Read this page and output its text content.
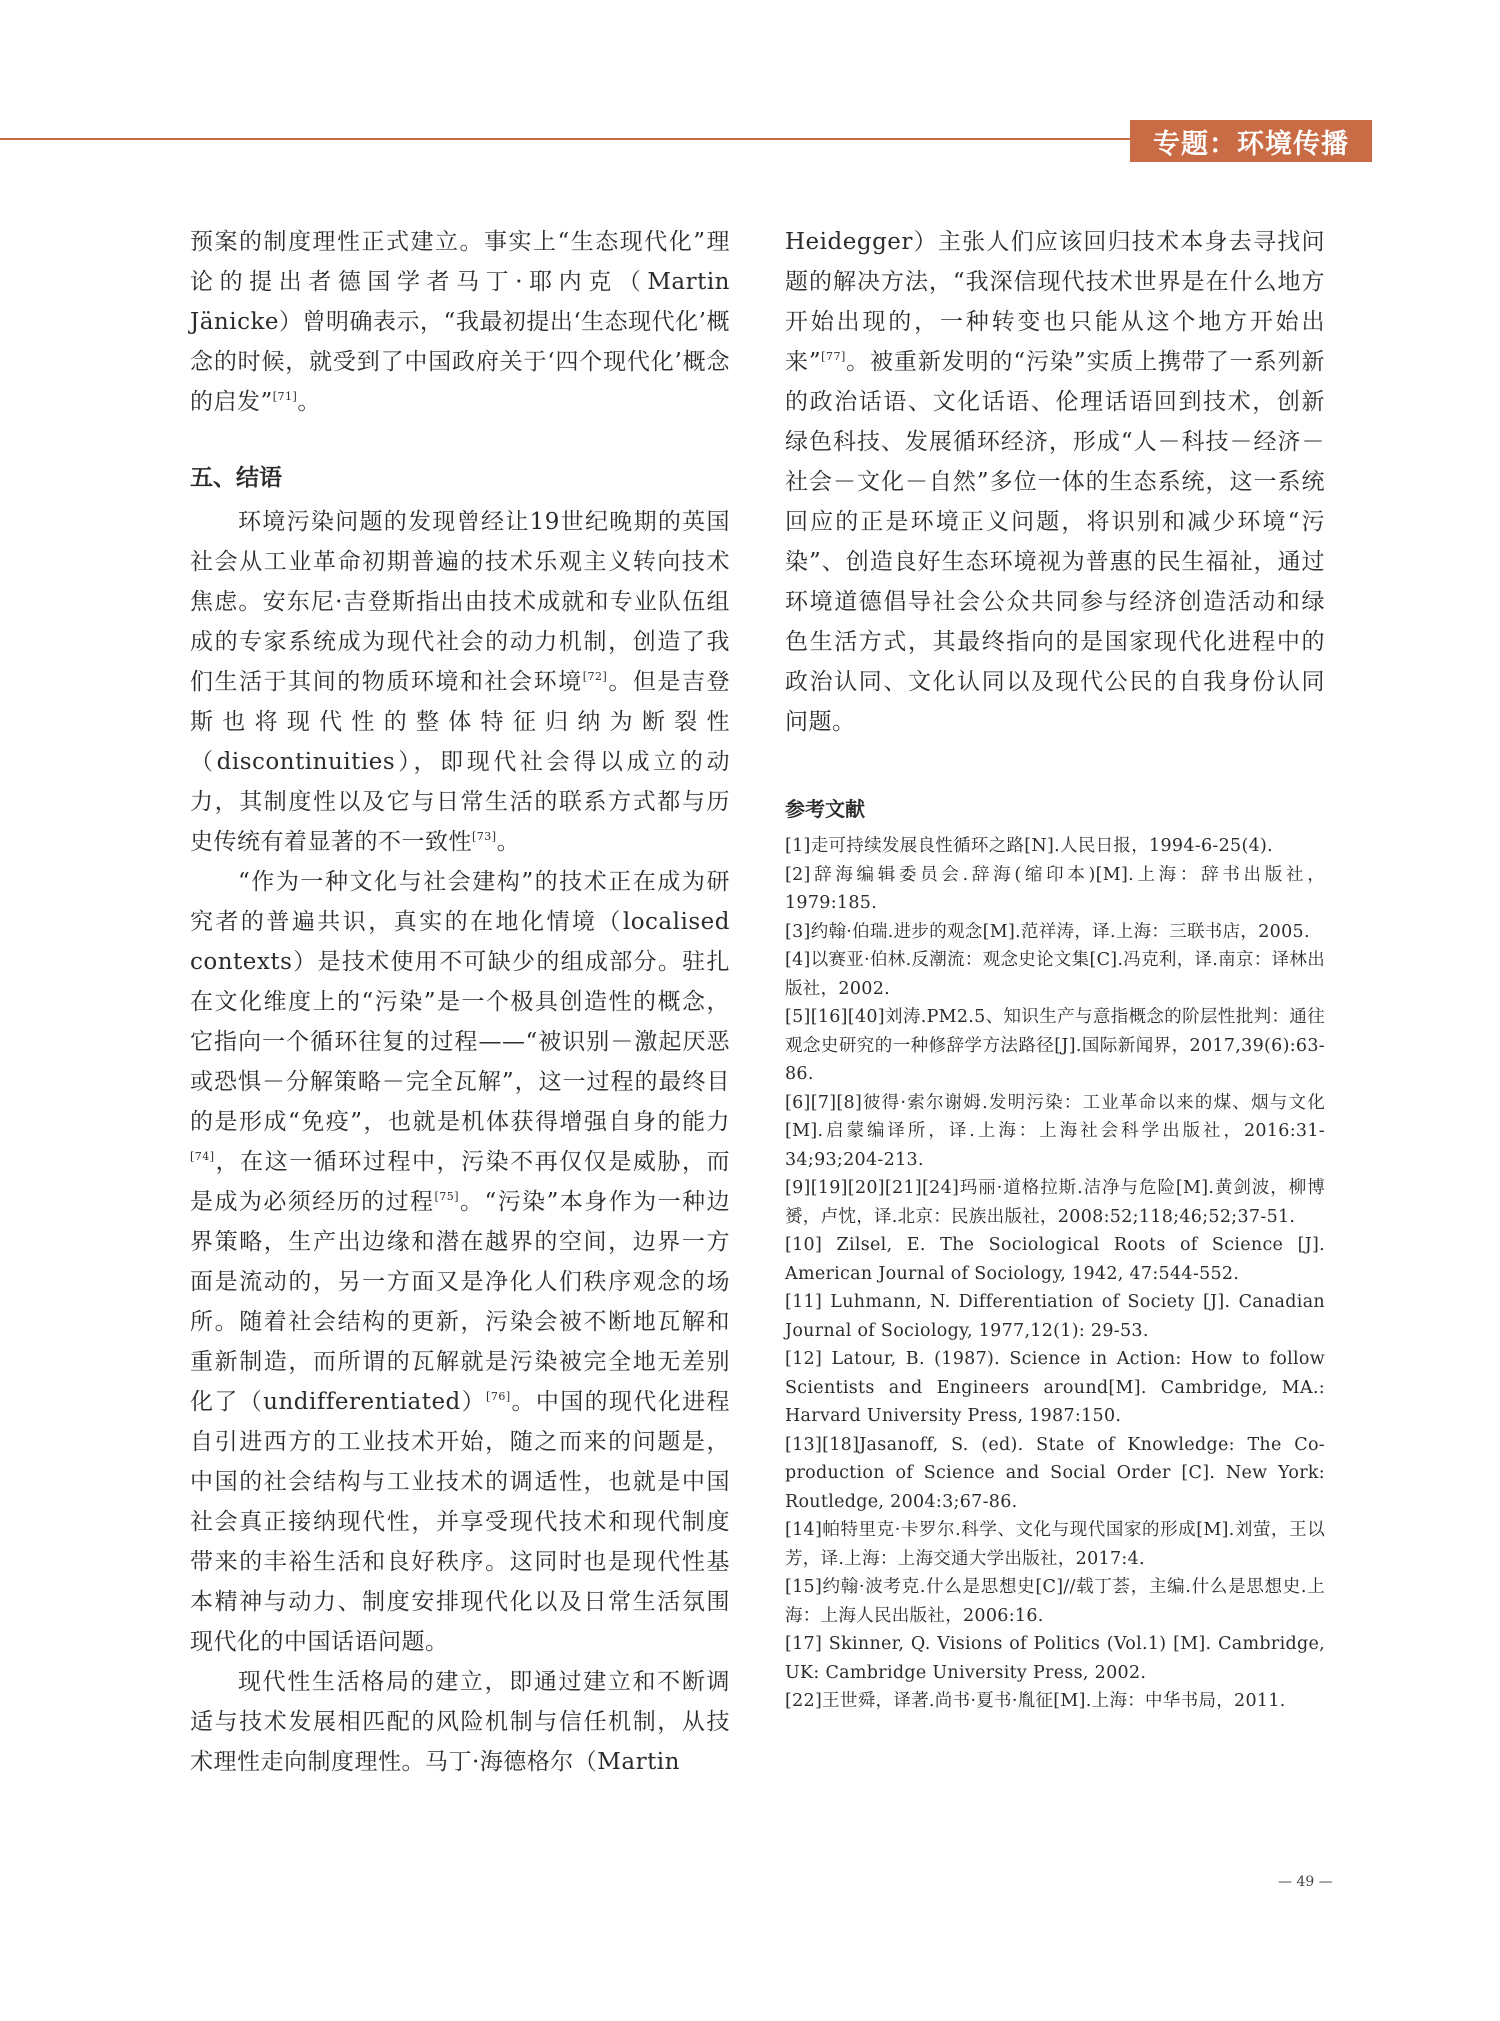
专题：环境传播

预案的制度理性正式建立。事实上“生态现代化”理论的提出者德国学者马丁·耶内克（Martin Jänicke）曾明确表示，“我最初提出‘生态现代化’概念的时候，就受到了中国政府关于‘四个现代化’概念的启发”[71]。

五、结语

环境污染问题的发现曾经让19世纪晚期的英国社会从工业革命初期普遍的技术乐观主义转向技术焦虑。安东尼·吉登斯指出由技术成就和专业队伍组成的专家系统成为现代社会的动力机制，创造了我们生活于其间的物质环境和社会环境[72]。但是吉登斯也将现代性的整体特征归纳为断裂性（discontinuities），即现代社会得以成立的动力，其制度性以及它与日常生活的联系方式都与历史传统有着显著的不一致性[73]。

“作为一种文化与社会建构”的技术正在成为研究者的普遍共识，真实的在地化情境（localised contexts）是技术使用不可缺少的组成部分。驻扎在文化维度上的“污染”是一个极具创造性的概念，它指向一个循环往复的过程——“被识别－激起厌恶或恐惧－分解策略－完全瓦解”，这一过程的最终目的是形成“免疫”，也就是机体获得增强自身的能力[74]，在这一循环过程中，污染不再仅仅是威胁，而是成为必须经历的过程[75]。“污染”本身作为一种边界策略，生产出边缘和潜在越界的空间，边界一方面是流动的，另一方面又是净化人们秩序观念的场所。随着社会结构的更新，污染会被不断地瓦解和重新制造，而所谓的瓦解就是污染被完全地无差别化了（undifferentiated）[76]。中国的现代化进程自引进西方的工业技术开始，随之而来的问题是，中国的社会结构与工业技术的调适性，也就是中国社会真正接纳现代性，并享受现代技术和现代制度带来的丰裕生活和良好秩序。这同时也是现代性基本精神与动力、制度安排现代化以及日常生活氛围现代化的中国话语问题。

现代性生活格局的建立，即通过建立和不断调适与技术发展相匹配的风险机制与信任机制，从技术理性走向制度理性。马丁·海德格尔（Martin

Heidegger）主张人们应该回归技术本身去寻找问题的解决方法，“我深信现代技术世界是在什么地方开始出现的，一种转变也只能从这个地方开始出来”[77]。被重新发明的“污染”实质上携带了一系列新的政治话语、文化话语、伦理话语回到技术，创新绿色科技、发展循环经济，形成“人－科技－经济－社会－文化－自然”多位一体的生态系统，这一系统回应的正是环境正义问题，将识别和减少环境“污染”、创造良好生态环境视为普惠的民生福祉，通过环境道德倡导社会公众共同参与经济创造活动和绿色生活方式，其最终指向的是国家现代化进程中的政治认同、文化认同以及现代公民的自我身份认同问题。

参考文献

[1]走可持续发展良性循环之路[N].人民日报，1994-6-25(4).

[2]辞海编辑委员会.辞海(缩印本)[M].上海：辞书出版社，1979:185.

[3]约翰·伯瑞.进步的观念[M].范祥涛，译.上海：三联书店，2005.

[4]以赛亚·伯林.反潮流：观念史论文集[C].冯克利，译.南京：译林出版社，2002.

[5][16][40]刘涛.PM2.5、知识生产与意指概念的阶层性批判：通往观念史研究的一种修辞学方法路径[J].国际新闻界，2017,39(6):63-86.

[6][7][8]彼得·索尔谢姆.发明污染：工业革命以来的煤、烟与文化[M].启蒙编译所，译.上海：上海社会科学出版社，2016:31-34;93;204-213.

[9][19][20][21][24]玛丽·道格拉斯.洁净与危险[M].黄剑波，柳博赟，卢忱，译.北京：民族出版社，2008:52;118;46;52;37-51.

[10] Zilsel, E. The Sociological Roots of Science [J]. American Journal of Sociology, 1942, 47:544-552.

[11] Luhmann, N. Differentiation of Society [J]. Canadian Journal of Sociology, 1977,12(1): 29-53.

[12] Latour, B. (1987). Science in Action: How to follow Scientists and Engineers around[M]. Cambridge, MA.: Harvard University Press, 1987:150.

[13][18]Jasanoff, S. (ed). State of Knowledge: The Co-production of Science and Social Order [C]. New York: Routledge, 2004:3;67-86.

[14]帕特里克·卡罗尔.科学、文化与现代国家的形成[M].刘萤，王以芳，译.上海：上海交通大学出版社，2017:4.

[15]约翰·波考克.什么是思想史[C]//载丁荟，主编.什么是思想史.上海：上海人民出版社，2006:16.

[17] Skinner, Q. Visions of Politics (Vol.1) [M]. Cambridge, UK: Cambridge University Press, 2002.

[22]王世舜，译著.尚书·夏书·胤征[M].上海：中华书局，2011.

— 49 —
